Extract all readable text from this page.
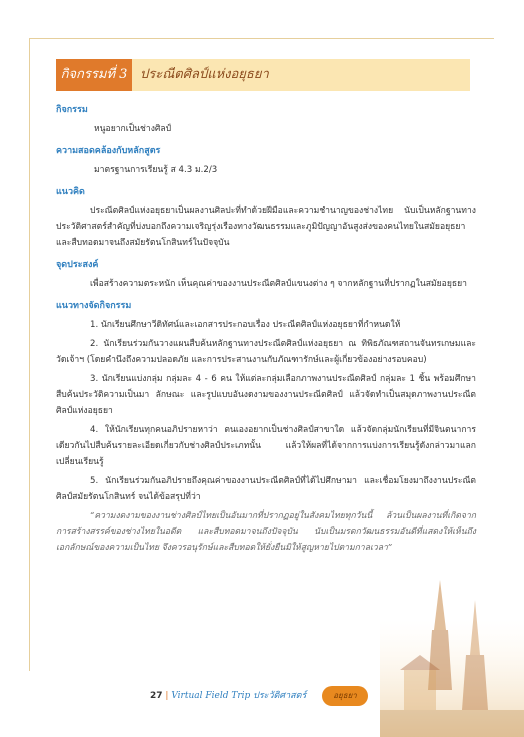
กิจกรรมที่ 3 ประณีตศิลป์แห่งอยุธยา
กิจกรรม

หนูอยากเป็นช่างศิลป์

ความสอดคล้องกับหลักสูตร

มาตรฐานการเรียนรู้ ส 4.3 ม.2/3

แนวคิด

ประณีตศิลป์แห่งอยุธยาเป็นผลงานศิลปะที่ทำด้วยฝีมือและความชำนาญของช่างไทย นับเป็นหลักฐานทางประวัติศาสตร์สำคัญที่บ่งบอกถึงความเจริญรุ่งเรืองทางวัฒนธรรมและภูมิปัญญาอันสูงส่งของคนไทยในสมัยอยุธยา และสืบทอดมาจนถึงสมัยรัตนโกสินทร์ในปัจจุบัน

จุดประสงค์

เพื่อสร้างความตระหนัก เห็นคุณค่าของงานประณีตศิลป์แขนงต่าง ๆ จากหลักฐานที่ปรากฏในสมัยอยุธยา

แนวทางจัดกิจกรรม

1. นักเรียนศึกษาวีดิทัศน์และเอกสารประกอบเรื่อง ประณีตศิลป์แห่งอยุธยาที่กำหนดให้

2. นักเรียนร่วมกันวางแผนสืบค้นหลักฐานทางประณีตศิลป์แห่งอยุธยา ณ ทิพิธภัณฑสถานจันทรเกษมและวัดเจ้าฯ (โดยคำนึงถึงความปลอดภัย และการประสานงานกับภัณฑารักษ์และผู้เกี่ยวข้องอย่างรอบคอบ)

3. นักเรียนแบ่งกลุ่ม กลุ่มละ 4 - 6 คน ให้แต่ละกลุ่มเลือกภาพงานประณีตศิลป์ กลุ่มละ 1 ชิ้น พร้อมศึกษาสืบค้นประวัติความเป็นมา ลักษณะ และรูปแบบอันงดงามของงานประณีตศิลป์ แล้วจัดทำเป็นสมุดภาพงานประณีตศิลป์แห่งอยุธยา

4. ให้นักเรียนทุกคนอภิปรายหาว่า ตนเองอยากเป็นช่างศิลป์สาขาใด แล้วจัดกลุ่มนักเรียนที่มีจินตนาการเดียวกันไปสืบค้นรายละเอียดเกี่ยวกับช่างศิลป์ประเภทนั้น แล้วให้ผลที่ได้จากการแบ่งการเรียนรู้ดังกล่าวมาแลกเปลี่ยนเรียนรู้

5. นักเรียนร่วมกันอภิปรายถึงคุณค่าของงานประณีตศิลป์ที่ได้ไปศึกษามา และเชื่อมโยงมาถึงงานประณีตศิลป์สมัยรัตนโกสินทร์ จนได้ข้อสรุปที่ว่า

“ความงดงามของงานช่างศิลป์ไทยเป็นอันมากที่ปรากฏอยู่ในสังคมไทยทุกวันนี้ ล้วนเป็นผลงานที่เกิดจากการสร้างสรรค์ของช่างไทยในอดีต และสืบทอดมาจนถึงปัจจุบัน นับเป็นมรดกวัฒนธรรมอันดีที่แสดงให้เห็นถึงเอกลักษณ์ของความเป็นไทย จึงควรอนุรักษ์และสืบทอดให้ยั่งยืนมิให้สูญหายไปตามกาลเวลา”

27 | Virtual Field Trip ประวัติศาสตร์	อยุธยา
